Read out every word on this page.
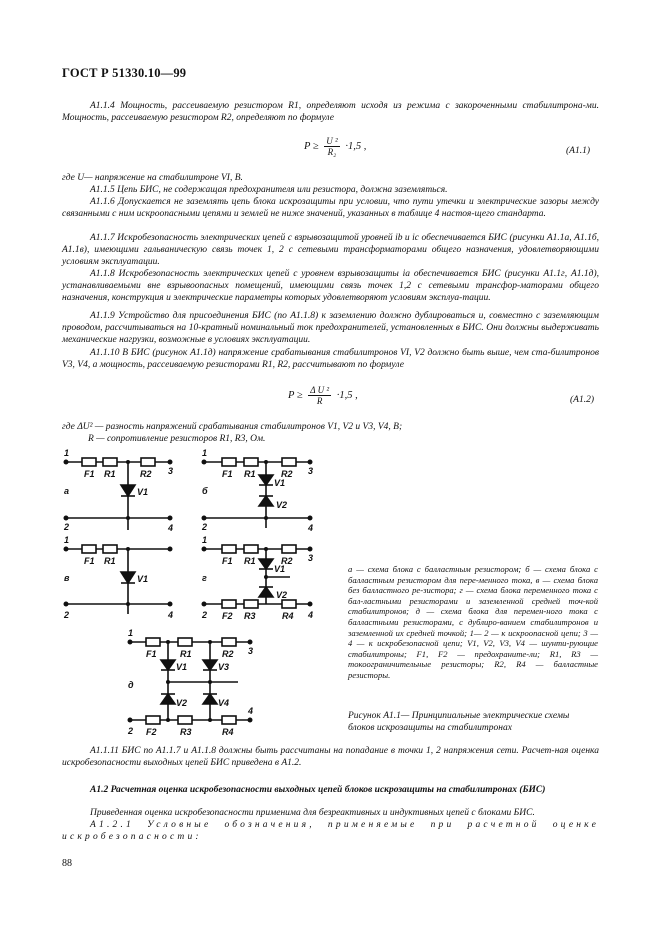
ГОСТ Р 51330.10—99
А1.1.4 Мощность, рассеиваемую резистором R1, определяют исходя из режима с закороченными стабилитрона-ми. Мощность, рассеиваемую резистором R2, определяют по формуле
$P \ge \frac{\text{U ²}}{\text{R₂}} \cdot 1,5$ ,	(А1.1)
где U— напряжение на стабилитроне VI, В.
А1.1.5 Цепь БИС, не содержащая предохранителя или резистора, должна заземляться.
А1.1.6 Допускается не заземлять цепь блока искрозащиты при условии, что пути утечки и электрические зазоры между связанными с ним искроопасными цепями и землей не ниже значений, указанных в таблице 4 настоя-щего стандарта.
А1.1.7 Искробезопасность электрических цепей с взрывозащитой уровней ib и ic обеспечивается БИС (рисунки А1.1а, А1.1б, А1.1в), имеющими гальваническую связь точек 1, 2 с сетевыми трансформаторами общего назначения, удовлетворяющими условиям эксплуатации.
А1.1.8 Искробезопасность электрических цепей с уровнем взрывозащиты ia обеспечивается БИС (рисунки А1.1г, А1.1д), устанавливаемыми вне взрывоопасных помещений, имеющими связь точек 1,2 с сетевыми трансфор-маторами общего назначения, конструкция и электрические параметры которых удовлетворяют условиям эксплуа-тации.
А1.1.9 Устройство для присоединения БИС (по А1.1.8) к заземлению должно дублироваться и, совместно с заземляющим проводом, рассчитываться на 10-кратный номинальный ток предохранителей, установленных в БИС. Они должны выдерживать механические нагрузки, возможные в условиях эксплуатации.
А1.1.10 В БИС (рисунок А1.1д) напряжение срабатывания стабилитронов VI, V2 должно быть выше, чем ста-билитронов V3, V4, а мощность, рассеиваемую резисторами R1, R2, рассчитывают по формуле
$P \ge \frac{\text{Δ U ²}}{R} \cdot 1,5$ ,	(А1.2)
где ΔU² — разность напряжений срабатывания стабилитронов V1, V2 и V3, V4, В;
R — сопротивление резисторов R1, R3, Ом.
1
3
2	4
F1 R1	R2
V1
а
1
3
2	4
F1 R1	R2
V1
V2
б
1
2	4
F1 R1
V1
в
1
3
2	4
F1 R1	R2
V1
V2
F2 R3	R4
г
1
3
2
4
F1	R1	R2
V1	V3
V2	V4
F2	R3	R4
д
а — схема блока с балластным резистором; б — схема блока с балластным резистором для пере-менного тока, в — схема блока без балластного ре-зистора; г — схема блока переменного тока с бал-ластными резисторами и заземленной средней точ-кой стабилитронов; д — схема блока для перемен-ного тока с балластными резисторами, с дублиро-ванием стабилитронов и заземленной их средней точкой; 1— 2 — к искроопасной цепи; 3 — 4 — к искробезопасной цепи; V1, V2, V3, V4 — шунти-рующие стабилитроны; F1, F2 — предохраните-ли; R1, R3 — токоограничительные резисторы; R2, R4 — балластные резисторы.
Рисунок А1.1— Принципиальные электрические схемы блоков искрозащиты на стабилитронах
А1.1.11 БИС по А1.1.7 и А1.1.8 должны быть рассчитаны на попадание в точки 1, 2 напряжения сети. Расчет-ная оценка искробезопасности выходных цепей БИС приведена в А1.2.
А1.2 Расчетная оценка искробезопасности выходных цепей блоков искрозащиты на стабилитронах (БИС)
Приведенная оценка искробезопасности применима для безреактивных и индуктивных цепей с блоками БИС.
А1.2.1 Условные обозначения, применяемые при расчетной оценке искробезопасности:
88
